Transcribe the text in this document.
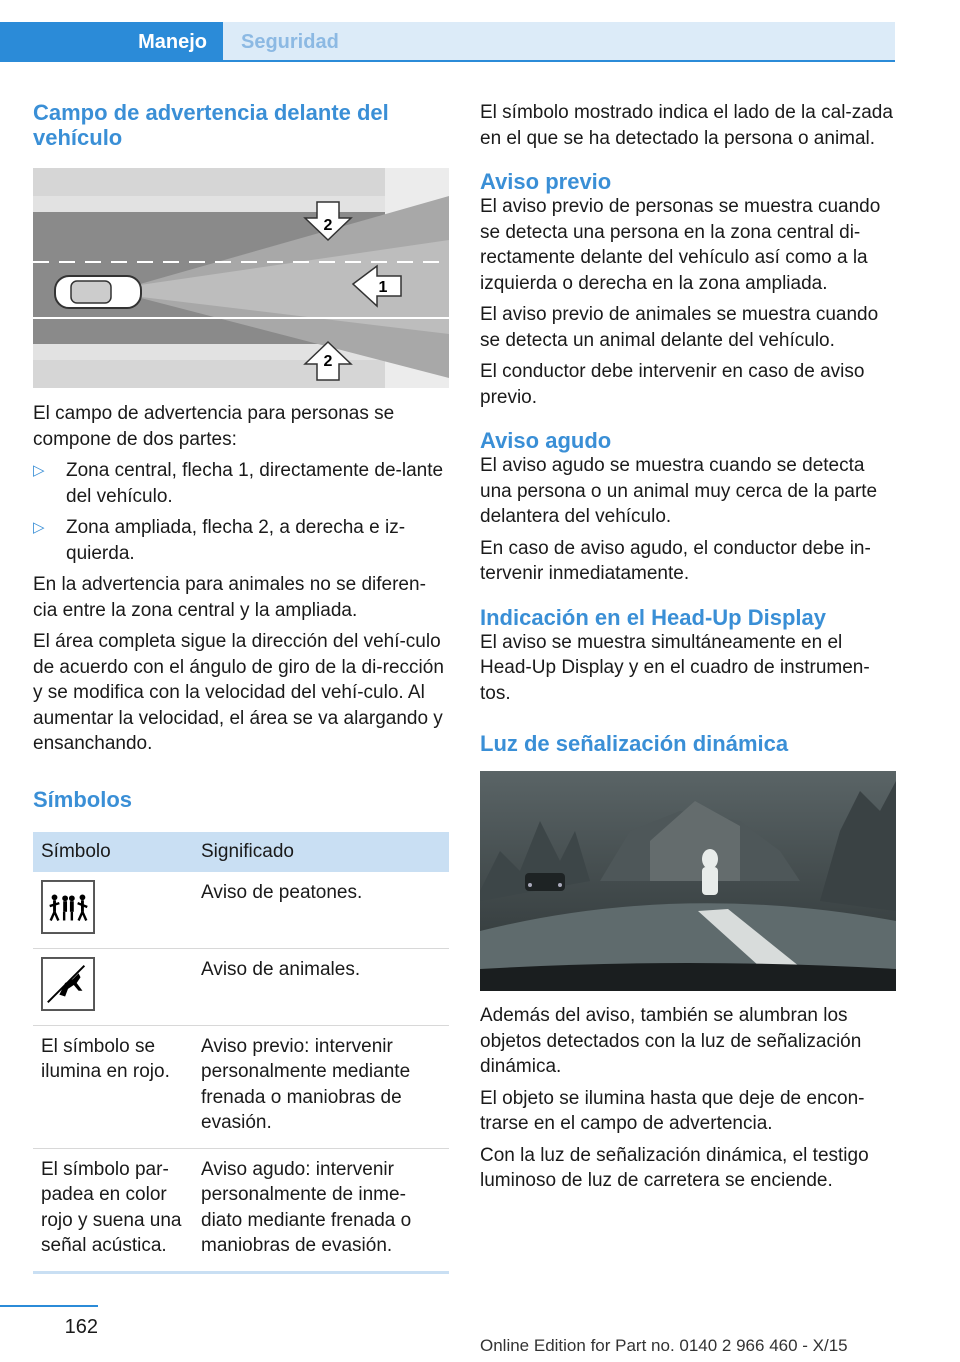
Manejo	Seguridad
Campo de advertencia delante del vehículo
2
1
2

El campo de advertencia para personas se compone de dos partes:

▷ Zona central, flecha 1, directamente de‐lante del vehículo.
▷ Zona ampliada, flecha 2, a derecha e iz‐quierda.

En la advertencia para animales no se diferen‐cia entre la zona central y la ampliada.

El área completa sigue la dirección del vehí‐culo de acuerdo con el ángulo de giro de la di‐rección y se modifica con la velocidad del vehí‐culo. Al aumentar la velocidad, el área se va alargando y ensanchando.

Símbolos
Símbolo	Significado

	Aviso de peatones.

	Aviso de animales.
El símbolo se ilumina en rojo.	Aviso previo: intervenir personalmente mediante frenada o maniobras de evasión.
El símbolo par‐padea en color rojo y suena una señal acústica.	Aviso agudo: intervenir personalmente de inme‐diato mediante frenada o maniobras de evasión.

El símbolo mostrado indica el lado de la cal‐zada en el que se ha detectado la persona o animal.

Aviso previo

El aviso previo de personas se muestra cuando se detecta una persona en la zona central di‐rectamente delante del vehículo así como a la izquierda o derecha en la zona ampliada.

El aviso previo de animales se muestra cuando se detecta un animal delante del vehículo.

El conductor debe intervenir en caso de aviso previo.

Aviso agudo

El aviso agudo se muestra cuando se detecta una persona o un animal muy cerca de la parte delantera del vehículo.

En caso de aviso agudo, el conductor debe in‐tervenir inmediatamente.

Indicación en el Head-Up Display

El aviso se muestra simultáneamente en el Head-Up Display y en el cuadro de instrumen‐tos.

Luz de señalización dinámica

Además del aviso, también se alumbran los objetos detectados con la luz de señalización dinámica.

El objeto se ilumina hasta que deje de encon‐trarse en el campo de advertencia.

Con la luz de señalización dinámica, el testigo luminoso de luz de carretera se enciende.

162
Online Edition for Part no. 0140 2 966 460 - X/15
